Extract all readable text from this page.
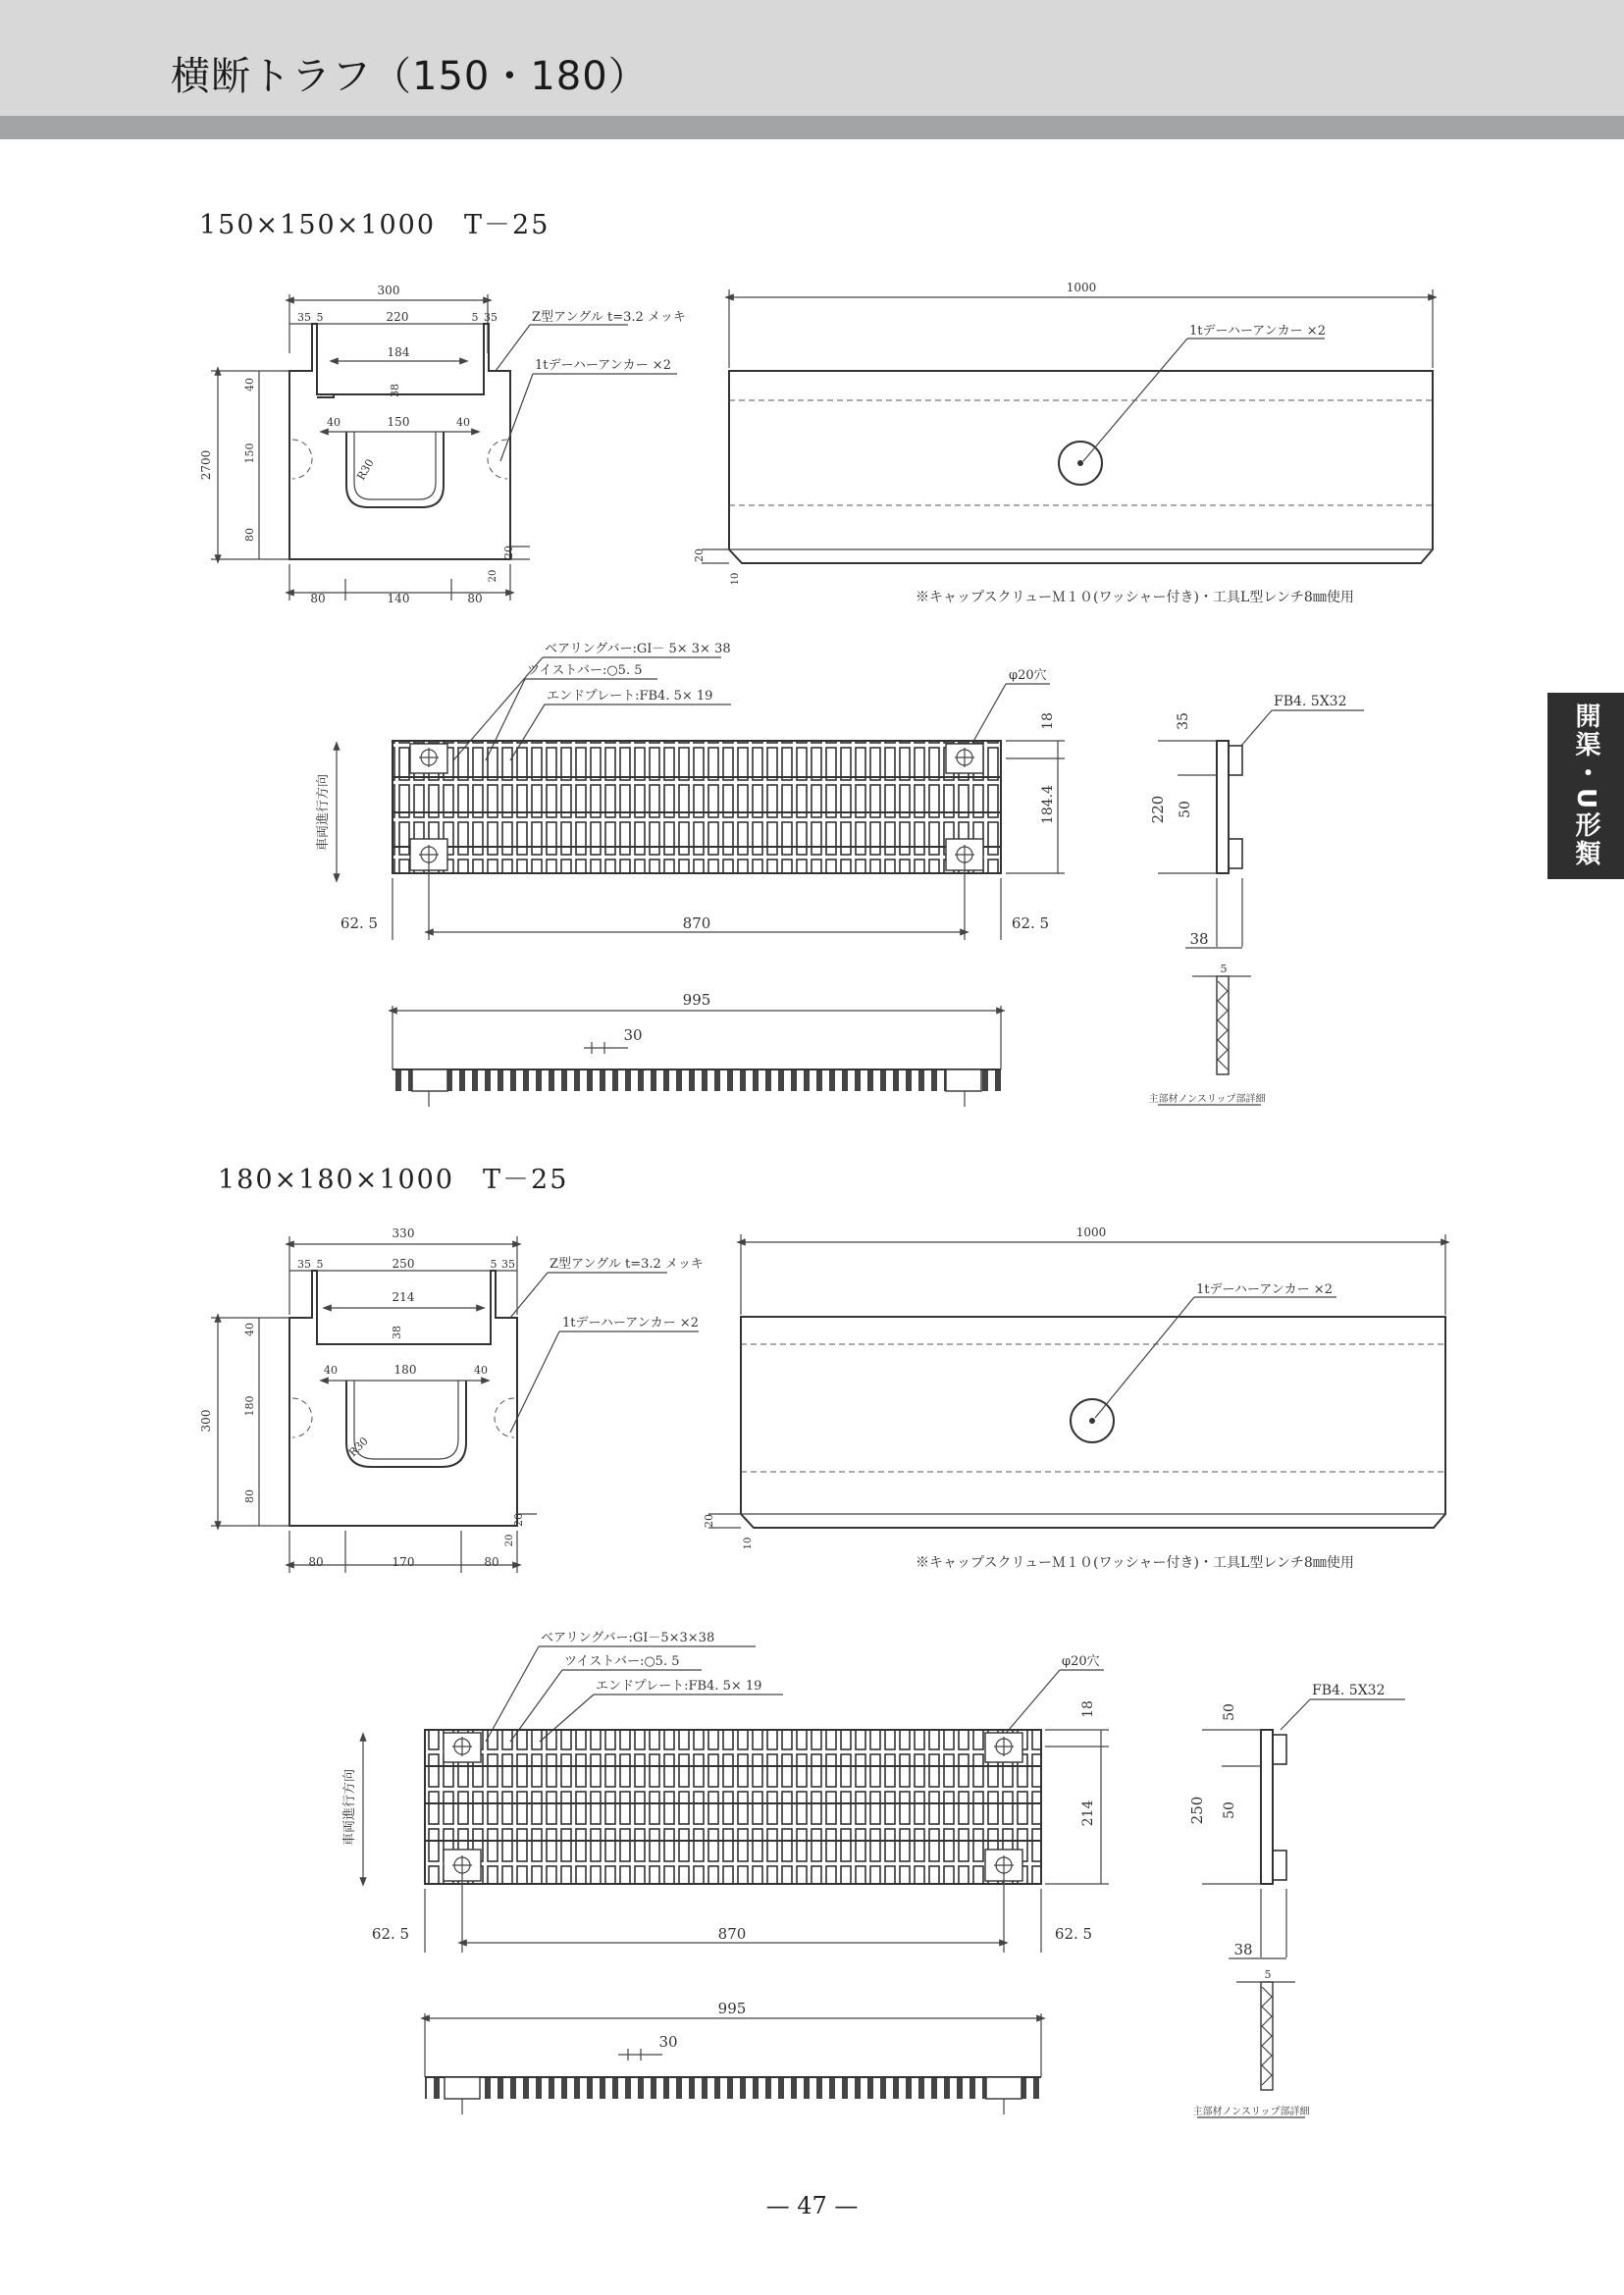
横断トラフ（150・180）
150×150×1000　T－25
180×180×1000　T－25
開渠・U形類
300
35 5	220	5 35
184
38
40	150	40
R30
2700
40
150
80
20
20
80	140	80
Z型アングル t=3.2 メッキ
1tデーハーアンカー ×2
1000
1tデーハーアンカー ×2
20
10
※キャップスクリューＭ１０(ワッシャー付き)・工具L型レンチ8㎜使用
ベアリングバー:GI－ 5× 3× 38
ツイストバー:○5. 5
エンドプレート:FB4. 5× 19
φ20穴
車両進行方向
18
184.4
62. 5	870	62. 5
995
30
FB4. 5X32
35
220 50
38
5
主部材ノンスリップ部詳細
330
35 5	250	5 35
214
38
40	180	40
R30
300
40
180
80
20
20
80	170	80
Z型アングル t=3.2 メッキ
1tデーハーアンカー ×2
1000
1tデーハーアンカー ×2
20
10
※キャップスクリューＭ１０(ワッシャー付き)・工具L型レンチ8㎜使用
ベアリングバー:GI－5×3×38
ツイストバー:○5. 5
エンドプレート:FB4. 5× 19
φ20穴
車両進行方向
18
214
62. 5	870	62. 5
995
30
FB4. 5X32
50
250 50
38
5
主部材ノンスリップ部詳細
— 47 —
